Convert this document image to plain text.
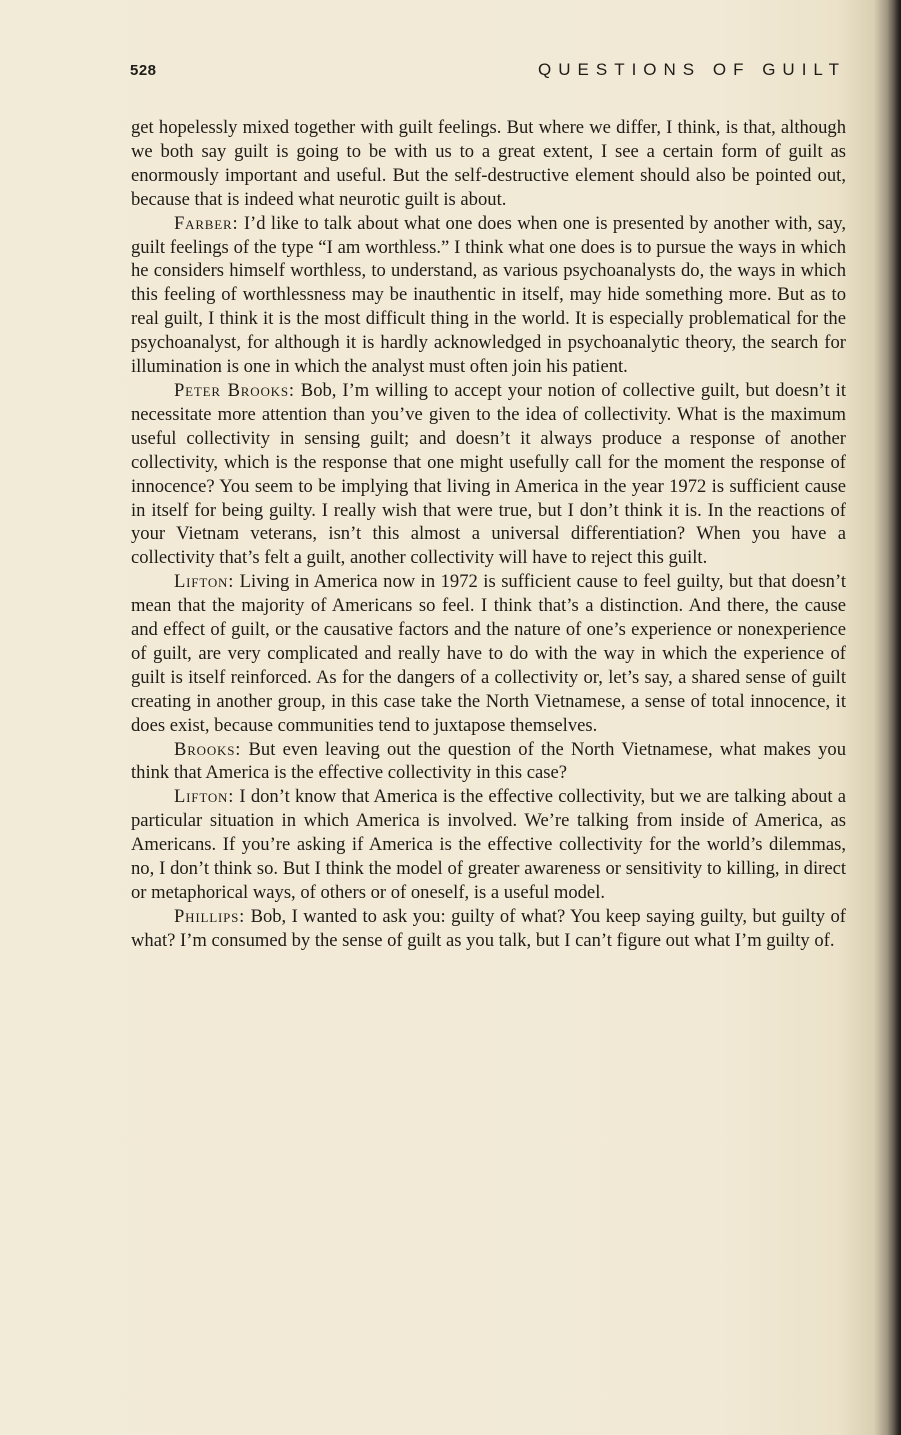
528	QUESTIONS OF GUILT

get hopelessly mixed together with guilt feelings. But where we differ, I think, is that, although we both say guilt is going to be with us to a great extent, I see a certain form of guilt as enormously important and useful. But the self-destructive element should also be pointed out, because that is indeed what neurotic guilt is about.

Farber: I’d like to talk about what one does when one is presented by another with, say, guilt feelings of the type “I am worthless.” I think what one does is to pursue the ways in which he considers himself worthless, to understand, as various psychoanalysts do, the ways in which this feeling of worthlessness may be inauthentic in itself, may hide something more. But as to real guilt, I think it is the most difficult thing in the world. It is especially problematical for the psychoanalyst, for although it is hardly acknowledged in psychoanalytic theory, the search for illumination is one in which the analyst must often join his patient.

Peter Brooks: Bob, I’m willing to accept your notion of collective guilt, but doesn’t it necessitate more attention than you’ve given to the idea of collectivity. What is the maximum useful collectivity in sensing guilt; and doesn’t it always produce a response of another collectivity, which is the response that one might usefully call for the moment the response of innocence? You seem to be implying that living in America in the year 1972 is sufficient cause in itself for being guilty. I really wish that were true, but I don’t think it is. In the reactions of your Vietnam veterans, isn’t this almost a universal differentiation? When you have a collectivity that’s felt a guilt, another collectivity will have to reject this guilt.

Lifton: Living in America now in 1972 is sufficient cause to feel guilty, but that doesn’t mean that the majority of Americans so feel. I think that’s a distinction. And there, the cause and effect of guilt, or the causative factors and the nature of one’s experience or nonexperience of guilt, are very complicated and really have to do with the way in which the experience of guilt is itself reinforced. As for the dangers of a collectivity or, let’s say, a shared sense of guilt creating in another group, in this case take the North Vietnamese, a sense of total innocence, it does exist, because communities tend to juxtapose themselves.

Brooks: But even leaving out the question of the North Vietnamese, what makes you think that America is the effective collectivity in this case?

Lifton: I don’t know that America is the effective collectivity, but we are talking about a particular situation in which America is involved. We’re talking from inside of America, as Americans. If you’re asking if America is the effective collectivity for the world’s dilemmas, no, I don’t think so. But I think the model of greater awareness or sensitivity to killing, in direct or metaphorical ways, of others or of oneself, is a useful model.

Phillips: Bob, I wanted to ask you: guilty of what? You keep saying guilty, but guilty of what? I’m consumed by the sense of guilt as you talk, but I can’t figure out what I’m guilty of.
